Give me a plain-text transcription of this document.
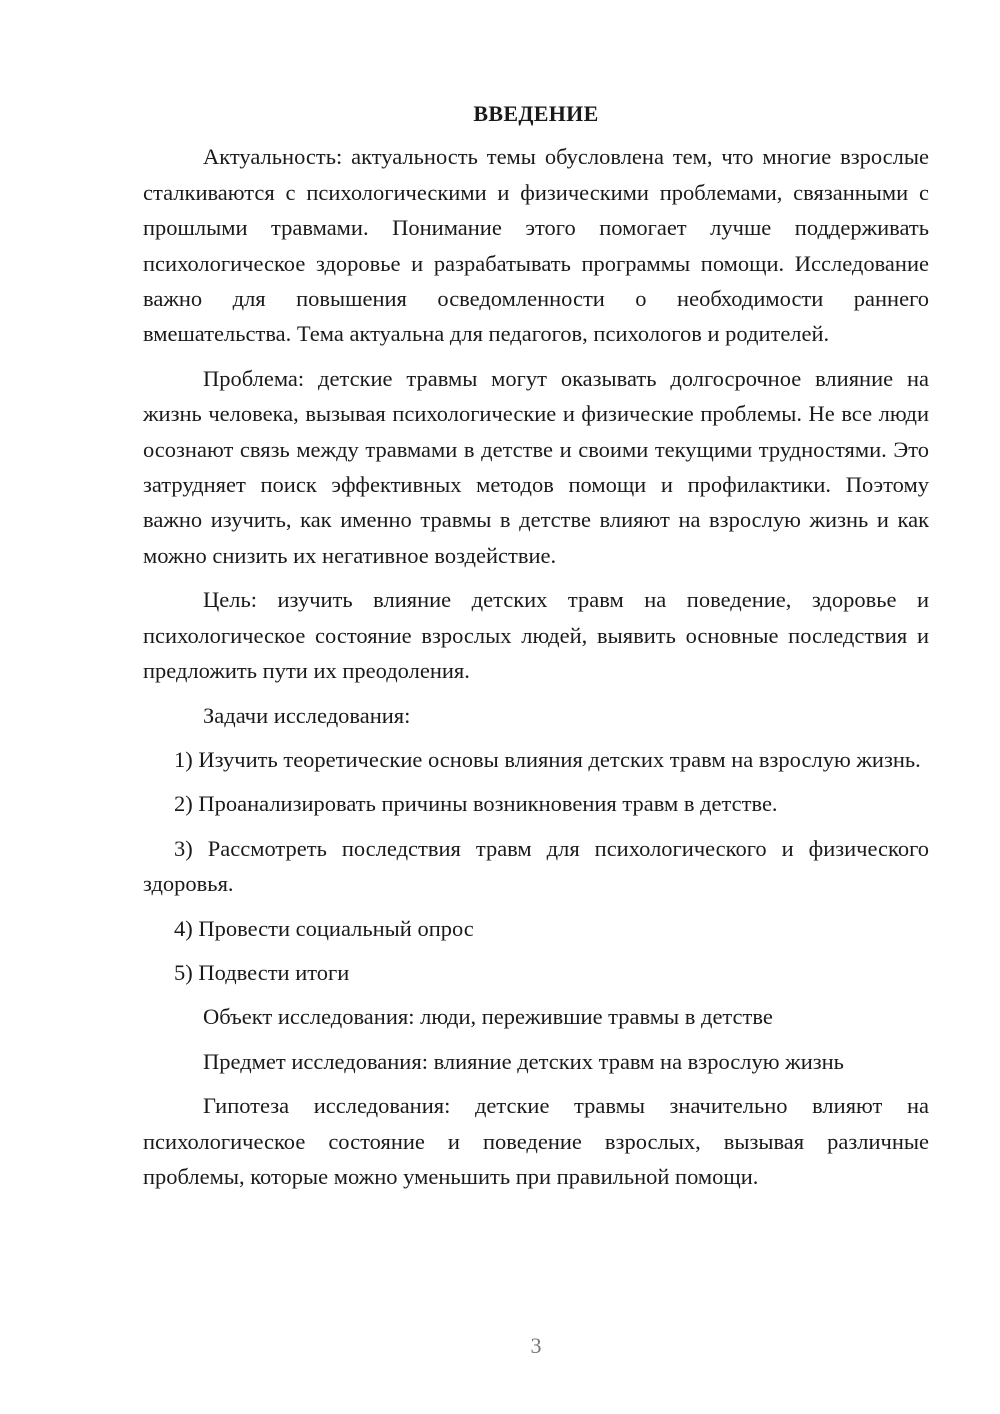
ВВЕДЕНИЕ

Актуальность: актуальность темы обусловлена тем, что многие взрослые сталкиваются с психологическими и физическими проблемами, связанными с прошлыми травмами. Понимание этого помогает лучше поддерживать психологическое здоровье и разрабатывать программы помощи. Исследование важно для повышения осведомленности о необходимости раннего вмешательства. Тема актуальна для педагогов, психологов и родителей.

Проблема: детские травмы могут оказывать долгосрочное влияние на жизнь человека, вызывая психологические и физические проблемы. Не все люди осознают связь между травмами в детстве и своими текущими трудностями. Это затрудняет поиск эффективных методов помощи и профилактики. Поэтому важно изучить, как именно травмы в детстве влияют на взрослую жизнь и как можно снизить их негативное воздействие.

Цель: изучить влияние детских травм на поведение, здоровье и психологическое состояние взрослых людей, выявить основные последствия и предложить пути их преодоления.

Задачи исследования:

1) Изучить теоретические основы влияния детских травм на взрослую жизнь.

2) Проанализировать причины возникновения травм в детстве.

3) Рассмотреть последствия травм для психологического и физического здоровья.

4) Провести социальный опрос

5) Подвести итоги

Объект исследования: люди, пережившие травмы в детстве

Предмет исследования: влияние детских травм на взрослую жизнь

Гипотеза исследования: детские травмы значительно влияют на психологическое состояние и поведение взрослых, вызывая различные проблемы, которые можно уменьшить при правильной помощи.

3
